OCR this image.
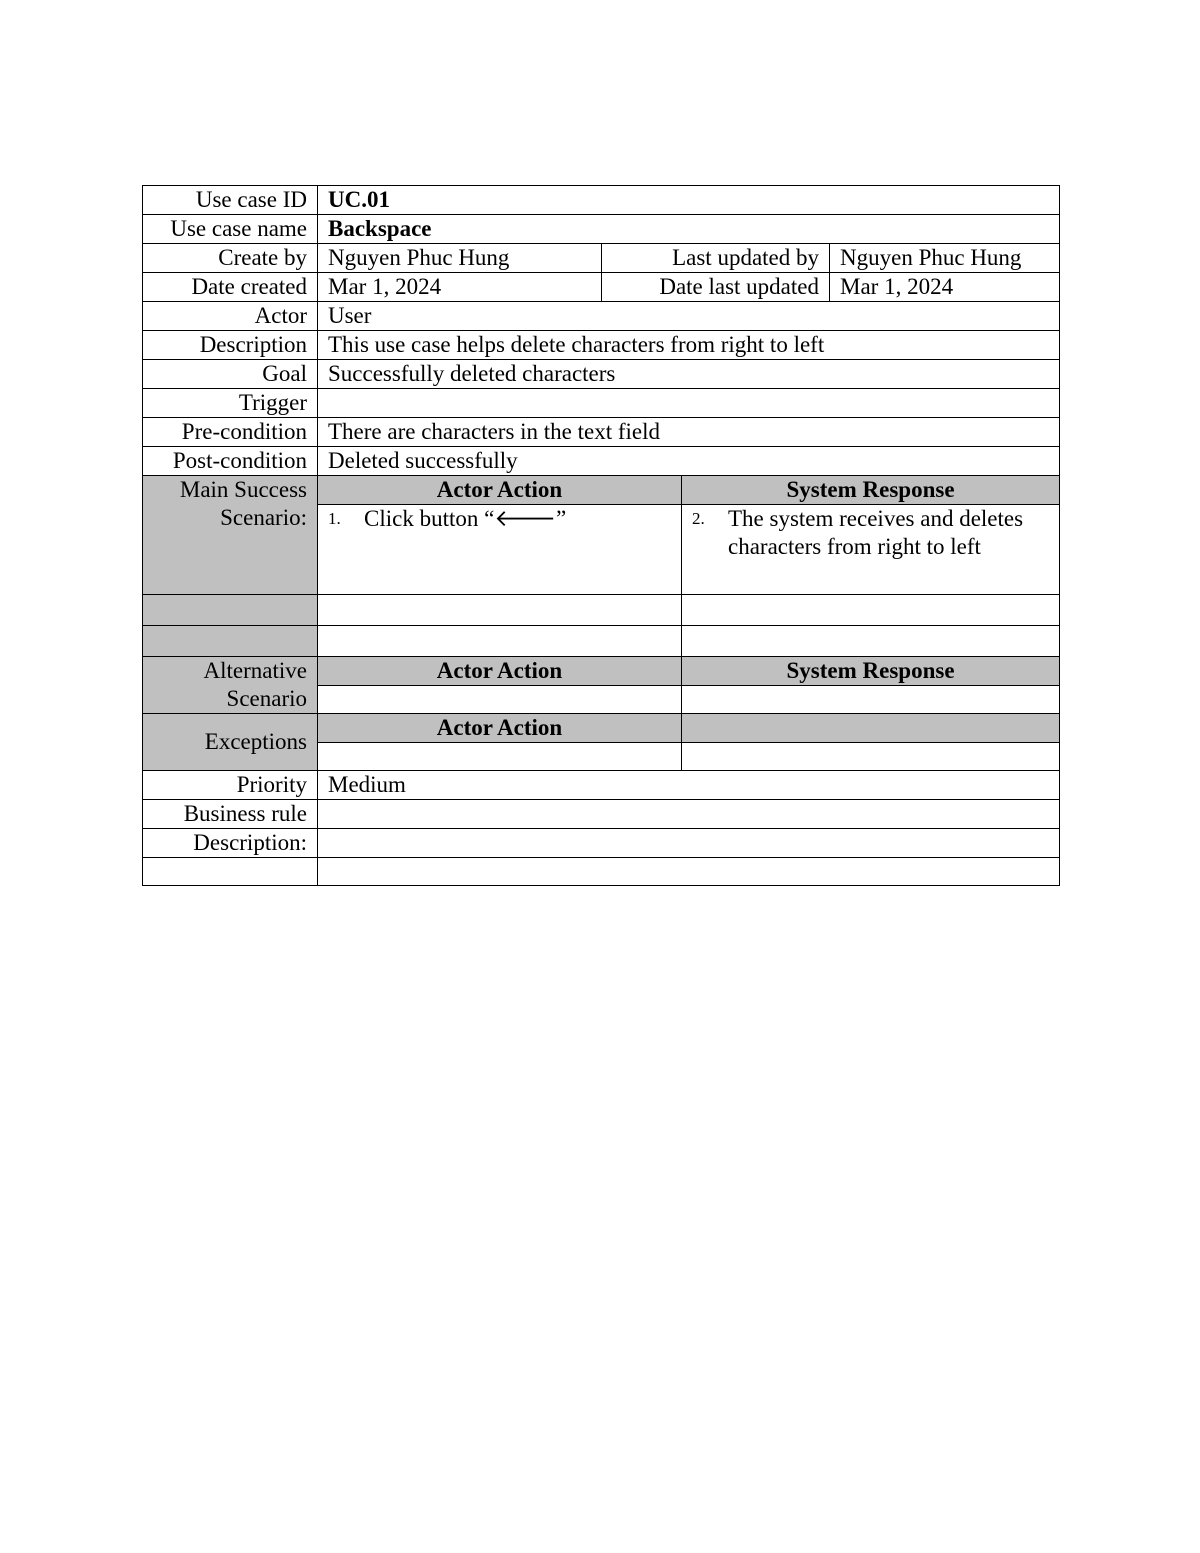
Use case ID	UC.01			
Use case name	Backspace			
Create by	Nguyen Phuc Hung	Last updated by		Nguyen Phuc Hung
Date created	Mar 1, 2024	Date last updated		Mar 1, 2024
Actor	User			
Description	This use case helps delete characters from right to left			
Goal	Successfully deleted characters			
Trigger				
Pre-condition	There are characters in the text field			
Post-condition	Deleted successfully			

Main Success
Scenario:	Actor Action		System Response	

	1. Click button “🡐”		2. The system receives and deletes characters from right to left	

Alternative
Scenario	Actor Action		System Response	

Exceptions	Actor Action			

Priority	Medium			
Business rule				
Description:				
